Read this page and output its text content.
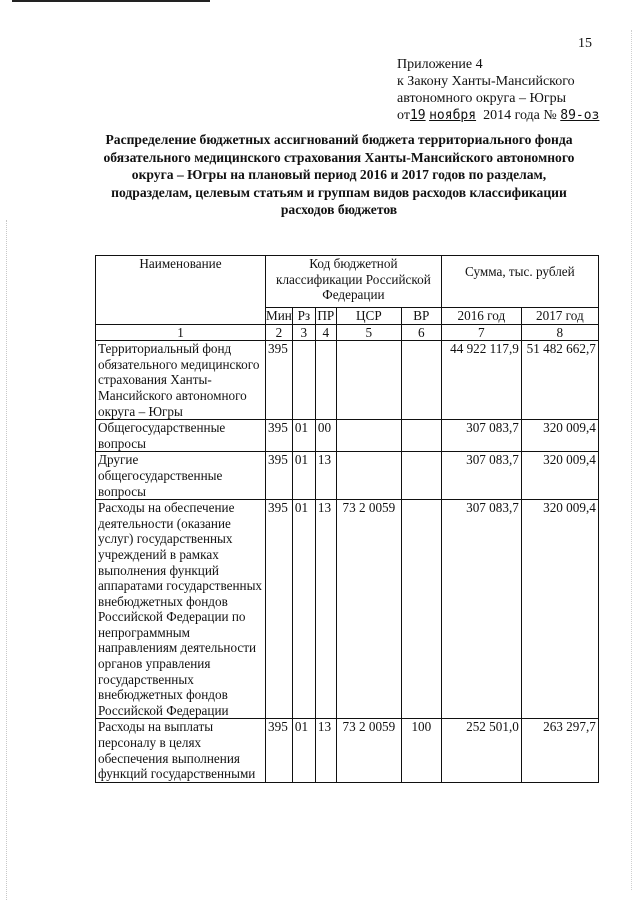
15
Приложение 4
к Закону Ханты-Мансийского
автономного округа – Югры
от19 ноября 2014 года № 89-оз
Распределение бюджетных ассигнований бюджета территориального фонда обязательного медицинского страхования Ханты-Мансийского автономного округа – Югры на плановый период 2016 и 2017 годов по разделам, подразделам, целевым статьям и группам видов расходов классификации расходов бюджетов
Наименование	Код бюджетной классификации Российской Федерации					Сумма, тыс. рублей	
	Мин	Рз	ПР	ЦСР	ВР	2016 год	2017 год
1	2	3	4	5	6	7	8
Территориальный фонд обязательного медицинского страхования Ханты-Мансийского автономного округа – Югры	395					44 922 117,9	51 482 662,7
Общегосударственные вопросы	395	01	00			307 083,7	320 009,4
Другие общегосударственные вопросы	395	01	13			307 083,7	320 009,4
Расходы на обеспечение деятельности (оказание услуг) государственных учреждений в рамках выполнения функций аппаратами государственных внебюджетных фондов Российской Федерации по непрограммным направлениям деятельности органов управления государственных внебюджетных фондов Российской Федерации	395	01	13	73 2 0059		307 083,7	320 009,4
Расходы на выплаты персоналу в целях обеспечения выполнения функций государственными	395	01	13	73 2 0059	100	252 501,0	263 297,7
